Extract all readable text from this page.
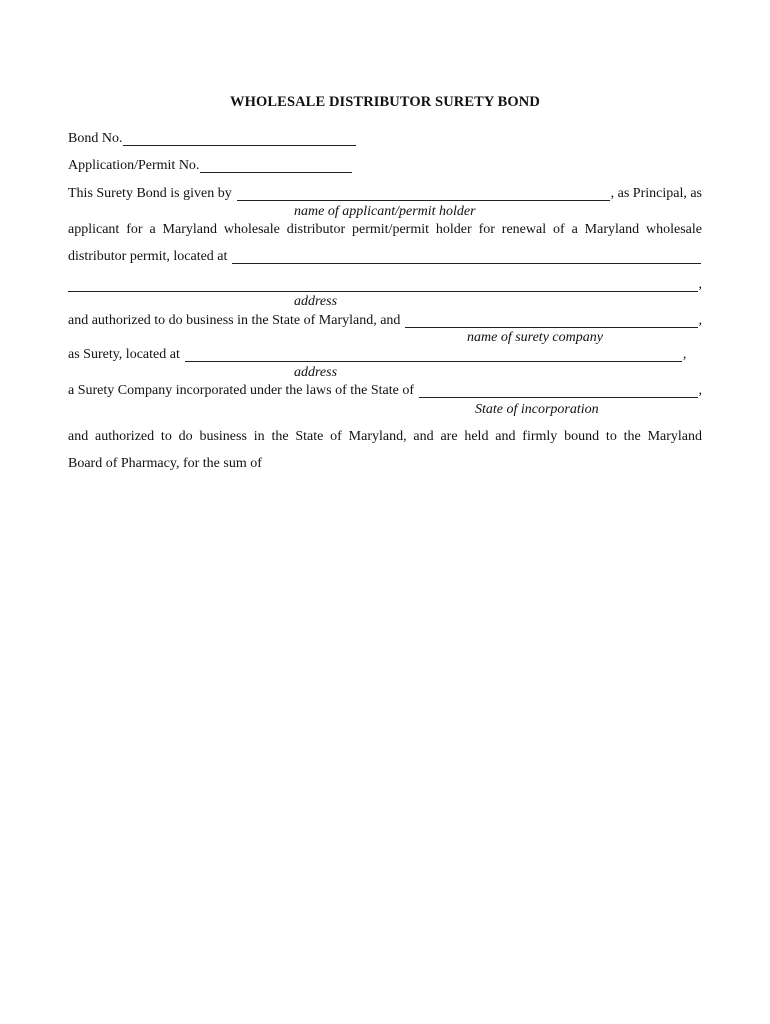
WHOLESALE DISTRIBUTOR SURETY BOND
Bond No.
Application/Permit No.
This Surety Bond is given by	, as Principal, as
name of applicant/permit holder
applicant for a Maryland wholesale distributor permit/permit holder for renewal of a Maryland wholesale
distributor permit, located at
,
address
and authorized to do business in the State of Maryland, and	,
name of surety company
as Surety, located at	,
address
a Surety Company incorporated under the laws of the State of	,
State of incorporation
and authorized to do business in the State of Maryland, and are held and firmly bound to the Maryland
Board of Pharmacy, for the sum of
